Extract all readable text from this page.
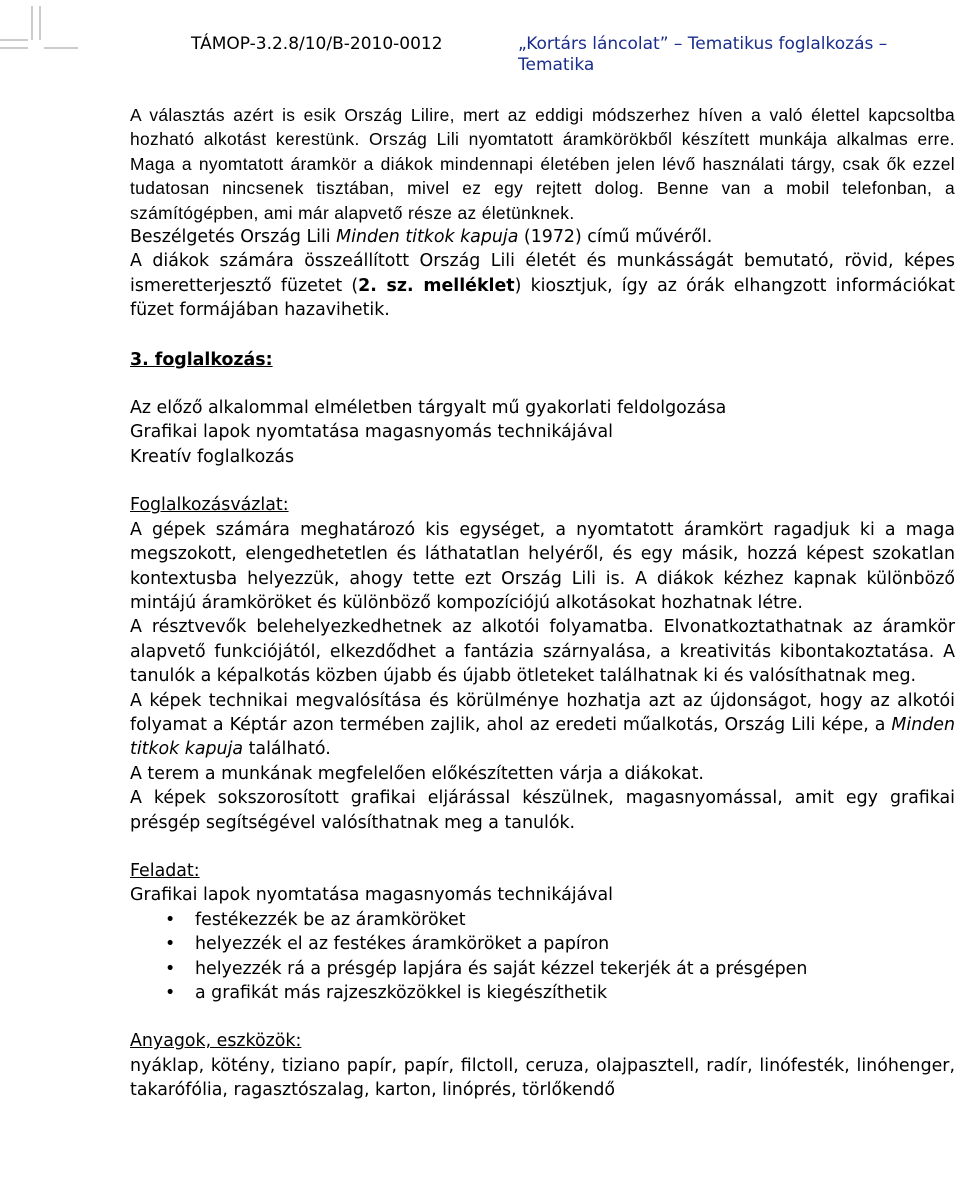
TÁMOP-3.2.8/10/B-2010-0012	„Kortárs láncolat” – Tematikus foglalkozás – Tematika

A választás azért is esik Ország Lilire, mert az eddigi módszerhez híven a való élettel kapcsoltba hozható alkotást kerestünk. Ország Lili nyomtatott áramkörökből készített munkája alkalmas erre. Maga a nyomtatott áramkör a diákok mindennapi életében jelen lévő használati tárgy, csak ők ezzel tudatosan nincsenek tisztában, mivel ez egy rejtett dolog. Benne van a mobil telefonban, a számítógépben, ami már alapvető része az életünknek.

Beszélgetés Ország Lili Minden titkok kapuja (1972) című művéről.

A diákok számára összeállított Ország Lili életét és munkásságát bemutató, rövid, képes ismeretterjesztő füzetet (2. sz. melléklet) kiosztjuk, így az órák elhangzott információkat füzet formájában hazavihetik.

3. foglalkozás:

Az előző alkalommal elméletben tárgyalt mű gyakorlati feldolgozása

Grafikai lapok nyomtatása magasnyomás technikájával

Kreatív foglalkozás

Foglalkozásvázlat:

A gépek számára meghatározó kis egységet, a nyomtatott áramkört ragadjuk ki a maga megszokott, elengedhetetlen és láthatatlan helyéről, és egy másik, hozzá képest szokatlan kontextusba helyezzük, ahogy tette ezt Ország Lili is. A diákok kézhez kapnak különböző mintájú áramköröket és különböző kompozíciójú alkotásokat hozhatnak létre.

A résztvevők belehelyezkedhetnek az alkotói folyamatba. Elvonatkoztathatnak az áramkör alapvető funkciójától, elkezdődhet a fantázia szárnyalása, a kreativitás kibontakoztatása. A tanulók a képalkotás közben újabb és újabb ötleteket találhatnak ki és valósíthatnak meg.

A képek technikai megvalósítása és körülménye hozhatja azt az újdonságot, hogy az alkotói folyamat a Képtár azon termében zajlik, ahol az eredeti műalkotás, Ország Lili képe, a Minden titkok kapuja található.

A terem a munkának megfelelően előkészítetten várja a diákokat.

A képek sokszorosított grafikai eljárással készülnek, magasnyomással, amit egy grafikai présgép segítségével valósíthatnak meg a tanulók.

Feladat:

Grafikai lapok nyomtatása magasnyomás technikájával

• festékezzék be az áramköröket
• helyezzék el az festékes áramköröket a papíron
• helyezzék rá a présgép lapjára és saját kézzel tekerjék át a présgépen
• a grafikát más rajzeszközökkel is kiegészíthetik

Anyagok, eszközök:

nyáklap, kötény, tiziano papír, papír, filctoll, ceruza, olajpasztell, radír, linófesték, linóhenger, takarófólia, ragasztószalag, karton, linóprés, törlőkendő
